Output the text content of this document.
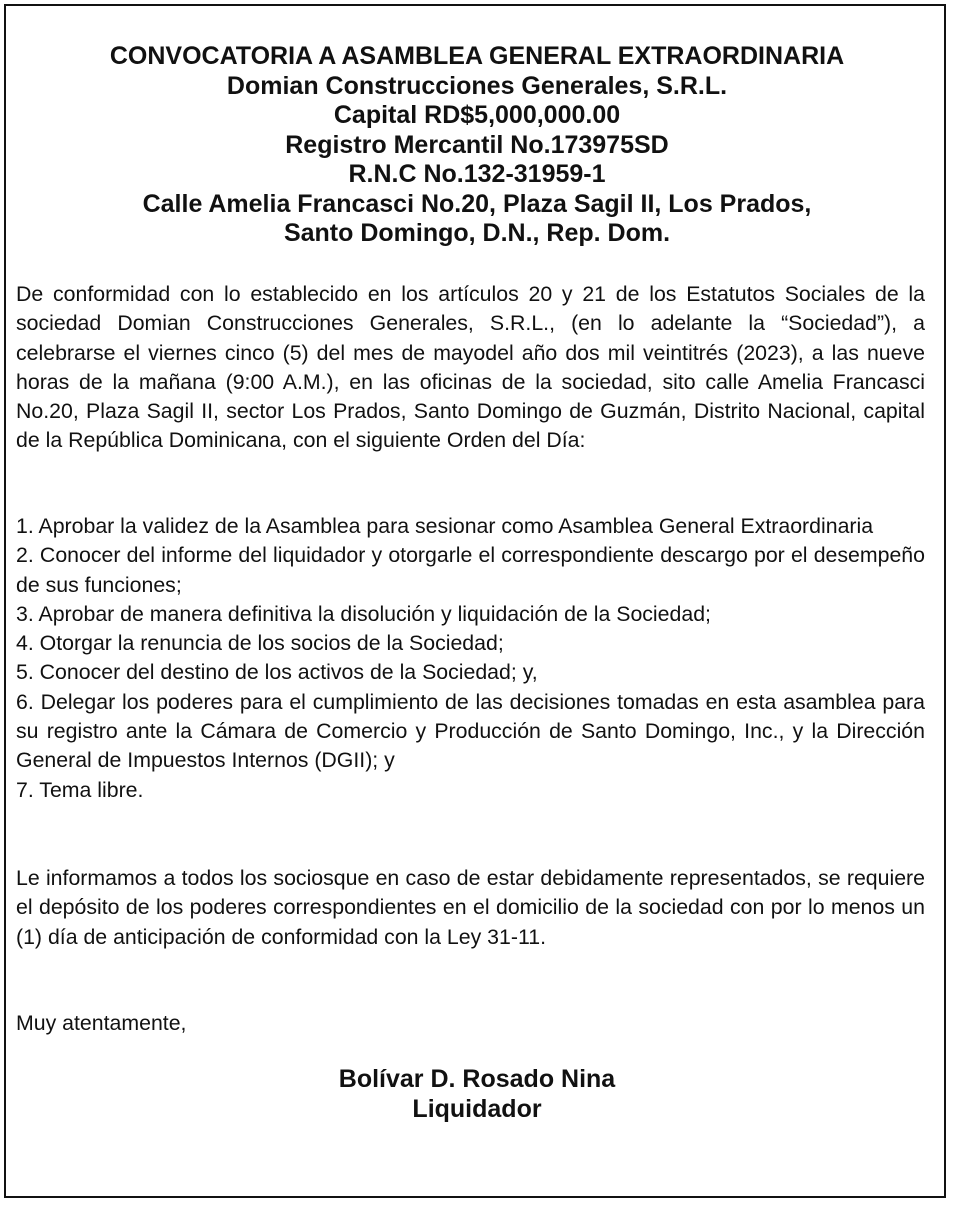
CONVOCATORIA A ASAMBLEA GENERAL EXTRAORDINARIA
Domian Construcciones Generales, S.R.L.
Capital RD$5,000,000.00
Registro Mercantil No.173975SD
R.N.C No.132-31959-1
Calle Amelia Francasci No.20, Plaza Sagil II, Los Prados,
Santo Domingo, D.N., Rep. Dom.

De conformidad con lo establecido en los artículos 20 y 21 de los Estatutos Sociales de la sociedad Domian Construcciones Generales, S.R.L., (en lo adelante la “Sociedad”), a celebrarse el viernes cinco (5) del mes de mayodel año dos mil veintitrés (2023), a las nueve horas de la mañana (9:00 A.M.), en las oficinas de la sociedad, sito calle Amelia Francasci No.20, Plaza Sagil II, sector Los Prados, Santo Domingo de Guzmán, Distrito Nacional, capital de la República Dominicana, con el siguiente Orden del Día:

1. Aprobar la validez de la Asamblea para sesionar como Asamblea General Extraordinaria

2. Conocer del informe del liquidador y otorgarle el correspondiente descargo por el desempeño de sus funciones;

3. Aprobar de manera definitiva la disolución y liquidación de la Sociedad;

4. Otorgar la renuncia de los socios de la Sociedad;

5. Conocer del destino de los activos de la Sociedad; y,

6. Delegar los poderes para el cumplimiento de las decisiones tomadas en esta asamblea para su registro ante la Cámara de Comercio y Producción de Santo Domingo, Inc., y la Dirección General de Impuestos Internos (DGII); y

7. Tema libre.

Le informamos a todos los sociosque en caso de estar debidamente representados, se requiere el depósito de los poderes correspondientes en el domicilio de la sociedad con por lo menos un (1) día de anticipación de conformidad con la Ley 31-11.

Muy atentamente,

Bolívar D. Rosado Nina
Liquidador
